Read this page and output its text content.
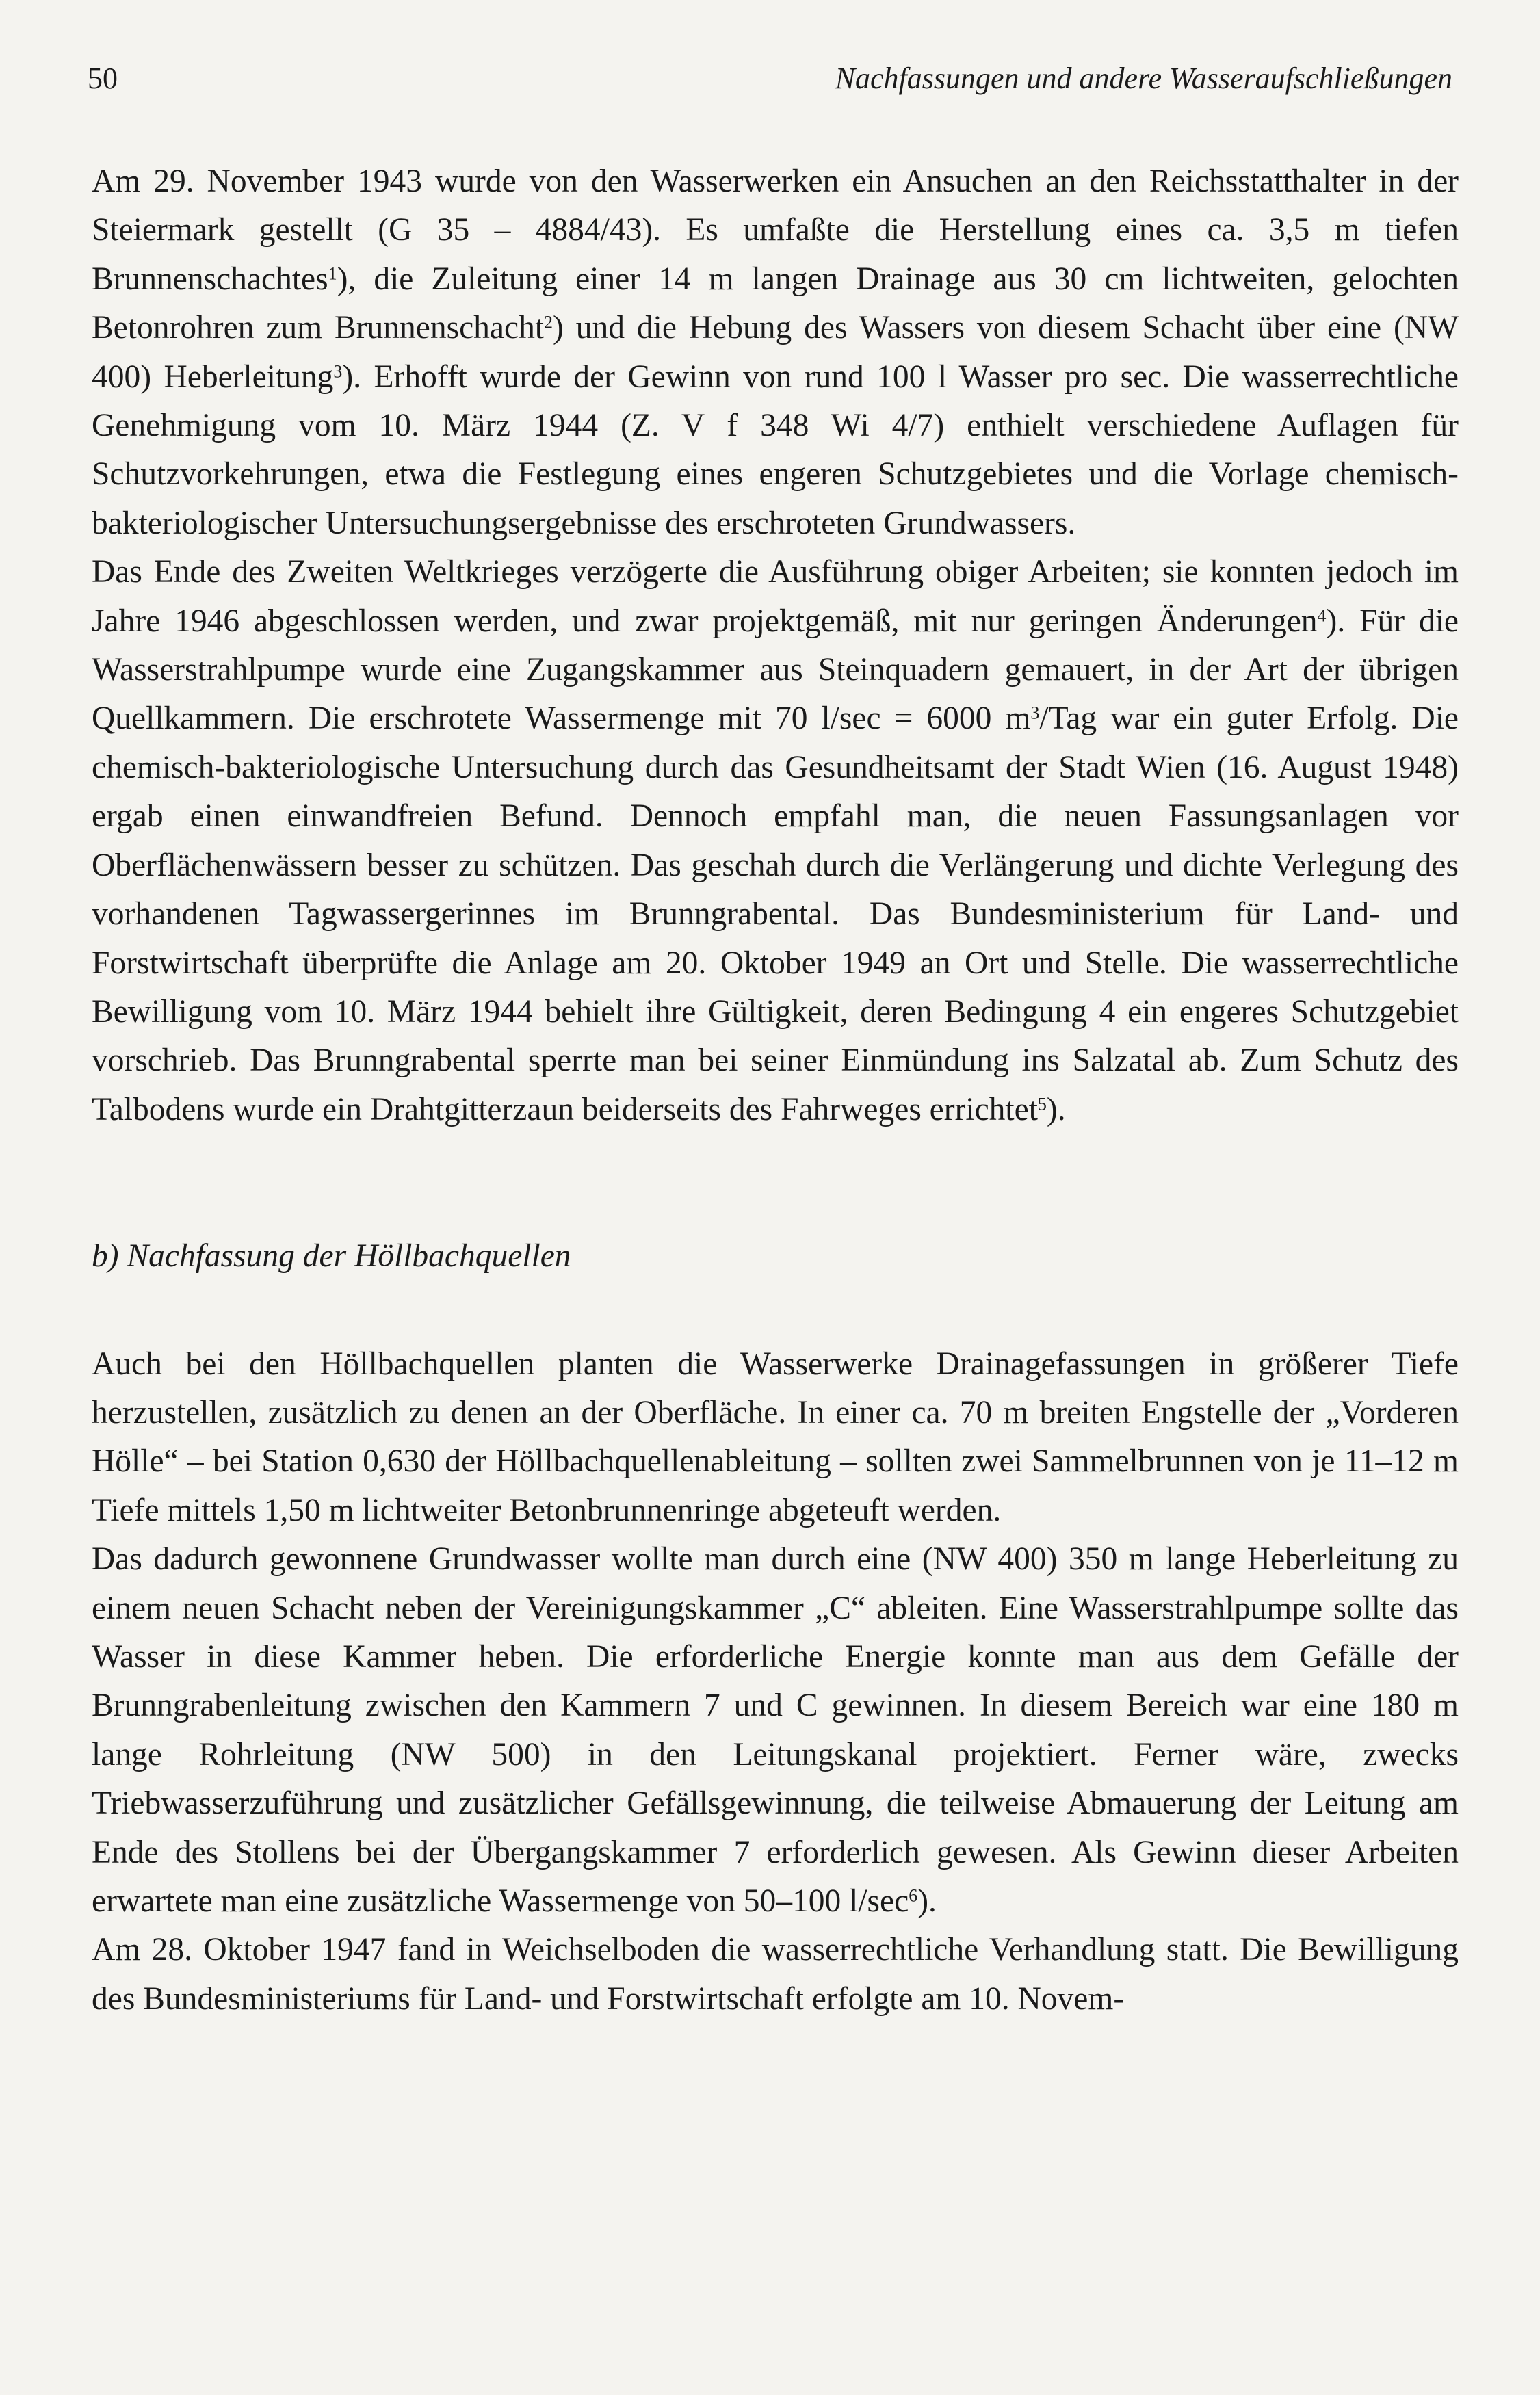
50	Nachfassungen und andere Wasseraufschließungen

Am 29. November 1943 wurde von den Wasserwerken ein Ansuchen an den Reichsstatthalter in der Steiermark gestellt (G 35 – 4884/43). Es umfaßte die Herstellung eines ca. 3,5 m tiefen Brunnenschachtes$^1$), die Zuleitung einer 14 m langen Drainage aus 30 cm lichtweiten, gelochten Betonrohren zum Brunnenschacht$^2$) und die Hebung des Wassers von diesem Schacht über eine (NW 400) Heberleitung$^3$). Erhofft wurde der Gewinn von rund 100 l Wasser pro sec. Die wasserrechtliche Genehmigung vom 10. März 1944 (Z. V f 348 Wi 4/7) enthielt verschiedene Auflagen für Schutzvorkehrungen, etwa die Festlegung eines engeren Schutzgebietes und die Vorlage chemisch-bakteriologischer Untersuchungsergebnisse des erschroteten Grundwassers.

Das Ende des Zweiten Weltkrieges verzögerte die Ausführung obiger Arbeiten; sie konnten jedoch im Jahre 1946 abgeschlossen werden, und zwar projektgemäß, mit nur geringen Änderungen$^4$). Für die Wasserstrahlpumpe wurde eine Zugangskammer aus Steinquadern gemauert, in der Art der übrigen Quellkammern. Die erschrotete Wassermenge mit 70 l/sec = 6000 $m^3$/Tag war ein guter Erfolg. Die chemisch-bakteriologische Untersuchung durch das Gesundheitsamt der Stadt Wien (16. August 1948) ergab einen einwandfreien Befund. Dennoch empfahl man, die neuen Fassungsanlagen vor Oberflächenwässern besser zu schützen. Das geschah durch die Verlängerung und dichte Verlegung des vorhandenen Tagwassergerinnes im Brunngrabental. Das Bundesministerium für Land- und Forstwirtschaft überprüfte die Anlage am 20. Oktober 1949 an Ort und Stelle. Die wasserrechtliche Bewilligung vom 10. März 1944 behielt ihre Gültigkeit, deren Bedingung 4 ein engeres Schutzgebiet vorschrieb. Das Brunngrabental sperrte man bei seiner Einmündung ins Salzatal ab. Zum Schutz des Talbodens wurde ein Drahtgitterzaun beiderseits des Fahrweges errichtet$^5$).

b) Nachfassung der Höllbachquellen

Auch bei den Höllbachquellen planten die Wasserwerke Drainagefassungen in größerer Tiefe herzustellen, zusätzlich zu denen an der Oberfläche. In einer ca. 70 m breiten Engstelle der „Vorderen Hölle“ – bei Station 0,630 der Höllbachquellenableitung – sollten zwei Sammelbrunnen von je 11–12 m Tiefe mittels 1,50 m lichtweiter Betonbrunnenringe abgeteuft werden.

Das dadurch gewonnene Grundwasser wollte man durch eine (NW 400) 350 m lange Heberleitung zu einem neuen Schacht neben der Vereinigungskammer „C“ ableiten. Eine Wasserstrahlpumpe sollte das Wasser in diese Kammer heben. Die erforderliche Energie konnte man aus dem Gefälle der Brunngrabenleitung zwischen den Kammern 7 und C gewinnen. In diesem Bereich war eine 180 m lange Rohrleitung (NW 500) in den Leitungskanal projektiert. Ferner wäre, zwecks Triebwasserzuführung und zusätzlicher Gefällsgewinnung, die teilweise Abmauerung der Leitung am Ende des Stollens bei der Übergangskammer 7 erforderlich gewesen. Als Gewinn dieser Arbeiten erwartete man eine zusätzliche Wassermenge von 50–100 $l/\sec^6$).

Am 28. Oktober 1947 fand in Weichselboden die wasserrechtliche Verhandlung statt. Die Bewilligung des Bundesministeriums für Land- und Forstwirtschaft erfolgte am 10. Novem-
